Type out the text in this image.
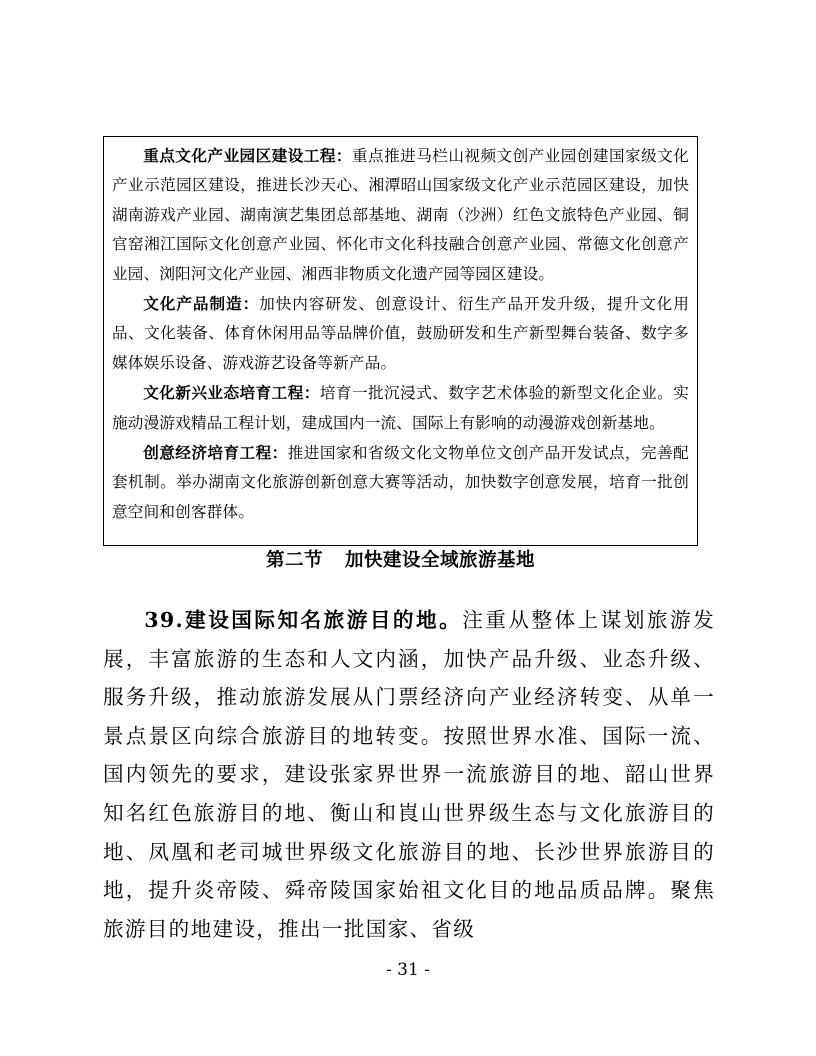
重点文化产业园区建设工程：重点推进马栏山视频文创产业园创建国家级文化产业示范园区建设，推进长沙天心、湘潭昭山国家级文化产业示范园区建设，加快湖南游戏产业园、湖南演艺集团总部基地、湖南（沙洲）红色文旅特色产业园、铜官窑湘江国际文化创意产业园、怀化市文化科技融合创意产业园、常德文化创意产业园、浏阳河文化产业园、湘西非物质文化遗产园等园区建设。

文化产品制造：加快内容研发、创意设计、衍生产品开发升级，提升文化用品、文化装备、体育休闲用品等品牌价值，鼓励研发和生产新型舞台装备、数字多媒体娱乐设备、游戏游艺设备等新产品。

文化新兴业态培育工程：培育一批沉浸式、数字艺术体验的新型文化企业。实施动漫游戏精品工程计划，建成国内一流、国际上有影响的动漫游戏创新基地。

创意经济培育工程：推进国家和省级文化文物单位文创产品开发试点，完善配套机制。举办湖南文化旅游创新创意大赛等活动，加快数字创意发展，培育一批创意空间和创客群体。

第二节 加快建设全域旅游基地

39.建设国际知名旅游目的地。注重从整体上谋划旅游发展，丰富旅游的生态和人文内涵，加快产品升级、业态升级、服务升级，推动旅游发展从门票经济向产业经济转变、从单一景点景区向综合旅游目的地转变。按照世界水准、国际一流、国内领先的要求，建设张家界世界一流旅游目的地、韶山世界知名红色旅游目的地、衡山和崀山世界级生态与文化旅游目的地、凤凰和老司城世界级文化旅游目的地、长沙世界旅游目的地，提升炎帝陵、舜帝陵国家始祖文化目的地品质品牌。聚焦旅游目的地建设，推出一批国家、省级

- 31 -
